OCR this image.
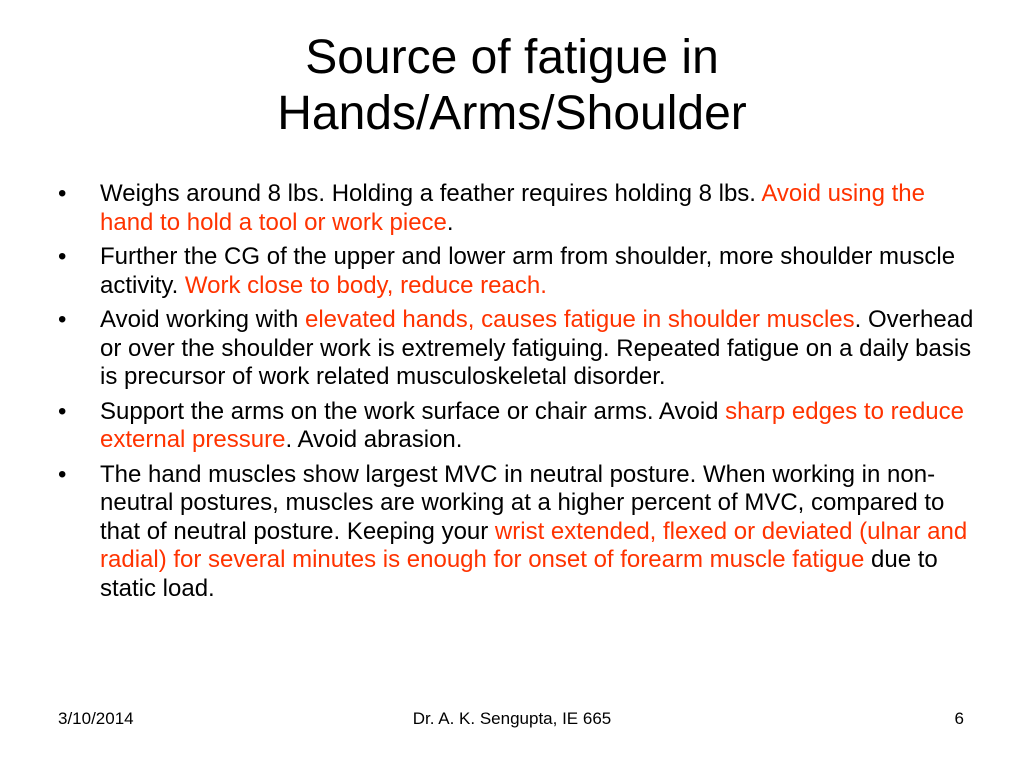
Source of fatigue in
Hands/Arms/Shoulder
• Weighs around 8 lbs. Holding a feather requires holding 8 lbs. Avoid using the hand to hold a tool or work piece.
• Further the CG of the upper and lower arm from shoulder, more shoulder muscle activity. Work close to body, reduce reach.
• Avoid working with elevated hands, causes fatigue in shoulder muscles. Overhead or over the shoulder work is extremely fatiguing. Repeated fatigue on a daily basis is precursor of work related musculoskeletal disorder.
• Support the arms on the work surface or chair arms. Avoid sharp edges to reduce external pressure. Avoid abrasion.
• The hand muscles show largest MVC in neutral posture. When working in non-neutral postures, muscles are working at a higher percent of MVC, compared to that of neutral posture. Keeping your wrist extended, flexed or deviated (ulnar and radial) for several minutes is enough for onset of forearm muscle fatigue due to static load.
3/10/2014	Dr. A. K. Sengupta, IE 665	6
